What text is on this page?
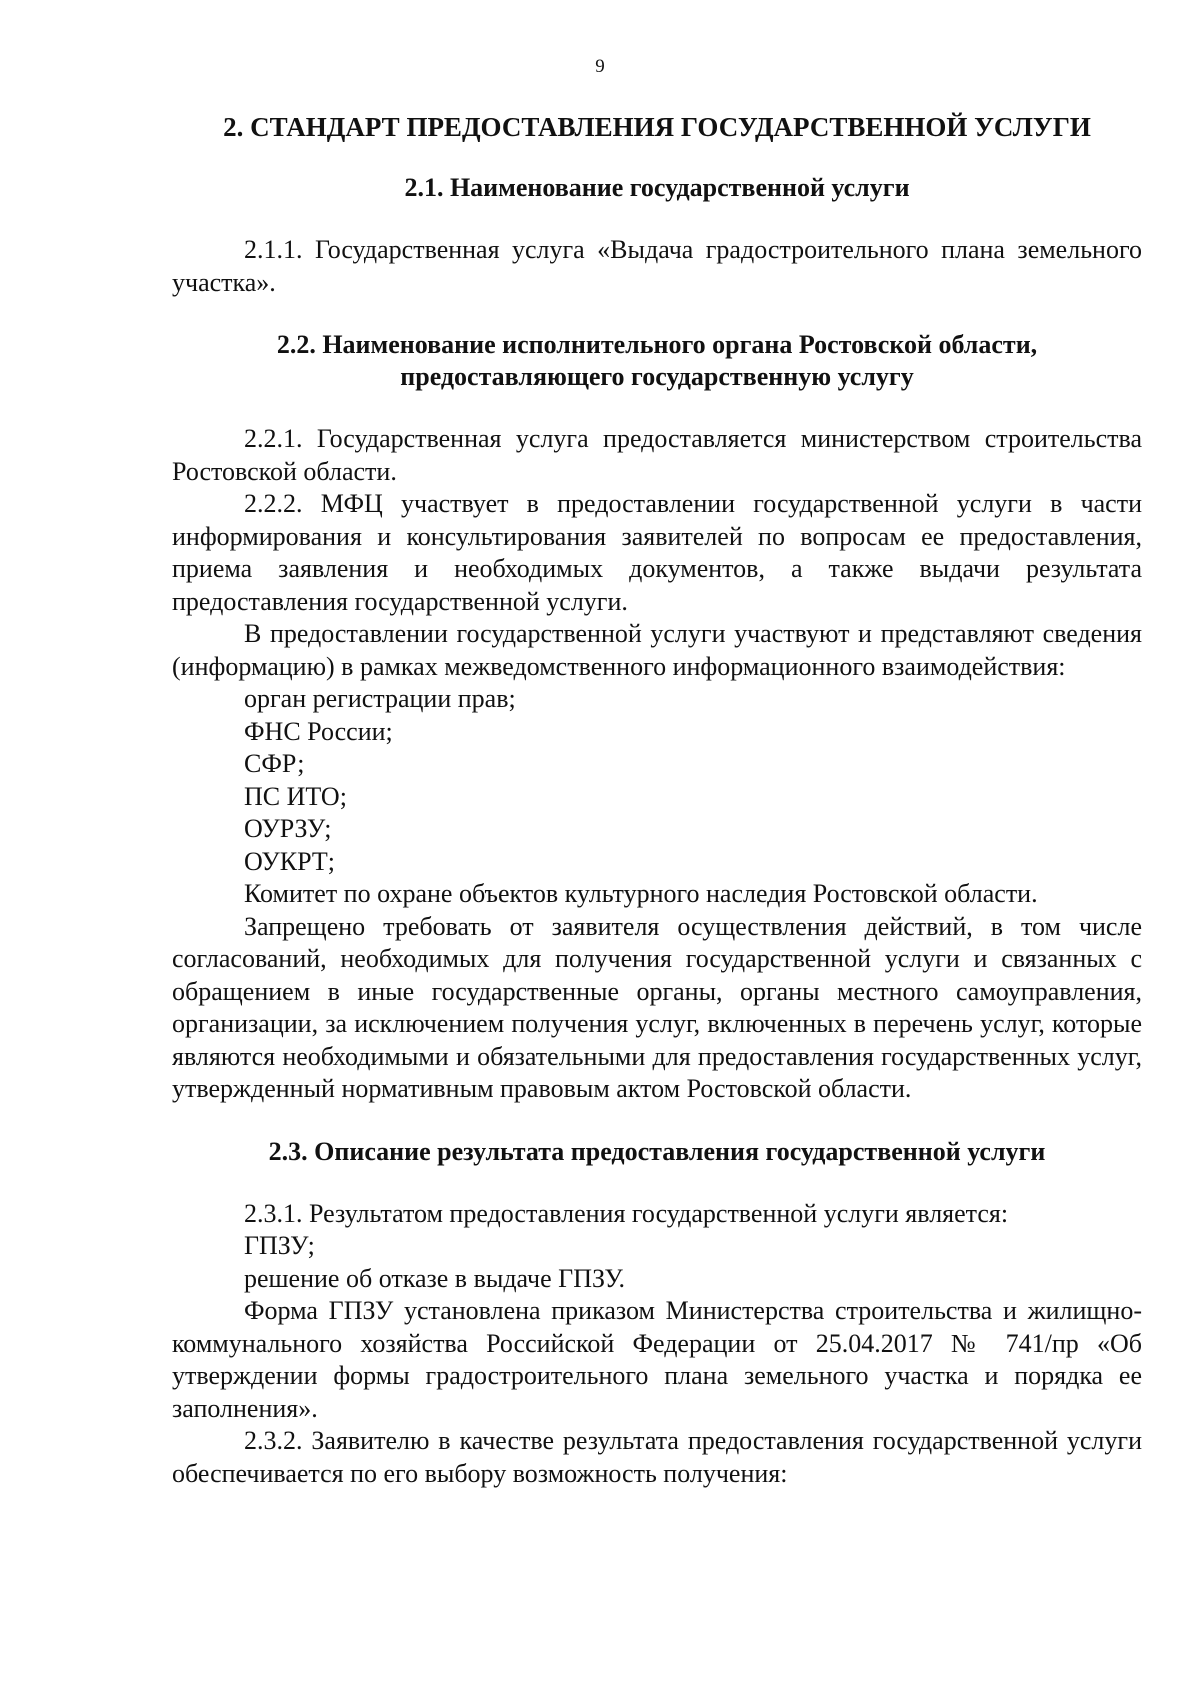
9
2. СТАНДАРТ ПРЕДОСТАВЛЕНИЯ ГОСУДАРСТВЕННОЙ УСЛУГИ
2.1. Наименование государственной услуги

2.1.1. Государственная услуга «Выдача градостроительного плана земельного участка».

2.2. Наименование исполнительного органа Ростовской области,
предоставляющего государственную услугу

2.2.1. Государственная услуга предоставляется министерством строительства Ростовской области.

2.2.2. МФЦ участвует в предоставлении государственной услуги в части информирования и консультирования заявителей по вопросам ее предоставления, приема заявления и необходимых документов, а также выдачи результата предоставления государственной услуги.

В предоставлении государственной услуги участвуют и представляют сведения (информацию) в рамках межведомственного информационного взаимодействия:

орган регистрации прав;

ФНС России;

СФР;

ПС ИТО;

ОУРЗУ;

ОУКРТ;

Комитет по охране объектов культурного наследия Ростовской области.

Запрещено требовать от заявителя осуществления действий, в том числе согласований, необходимых для получения государственной услуги и связанных с обращением в иные государственные органы, органы местного самоуправления, организации, за исключением получения услуг, включенных в перечень услуг, которые являются необходимыми и обязательными для предоставления государственных услуг, утвержденный нормативным правовым актом Ростовской области.

2.3. Описание результата предоставления государственной услуги

2.3.1. Результатом предоставления государственной услуги является:

ГПЗУ;

решение об отказе в выдаче ГПЗУ.

Форма ГПЗУ установлена приказом Министерства строительства и жилищно-коммунального хозяйства Российской Федерации от 25.04.2017 № 741/пр «Об утверждении формы градостроительного плана земельного участка и порядка ее заполнения».

2.3.2. Заявителю в качестве результата предоставления государственной услуги обеспечивается по его выбору возможность получения:
